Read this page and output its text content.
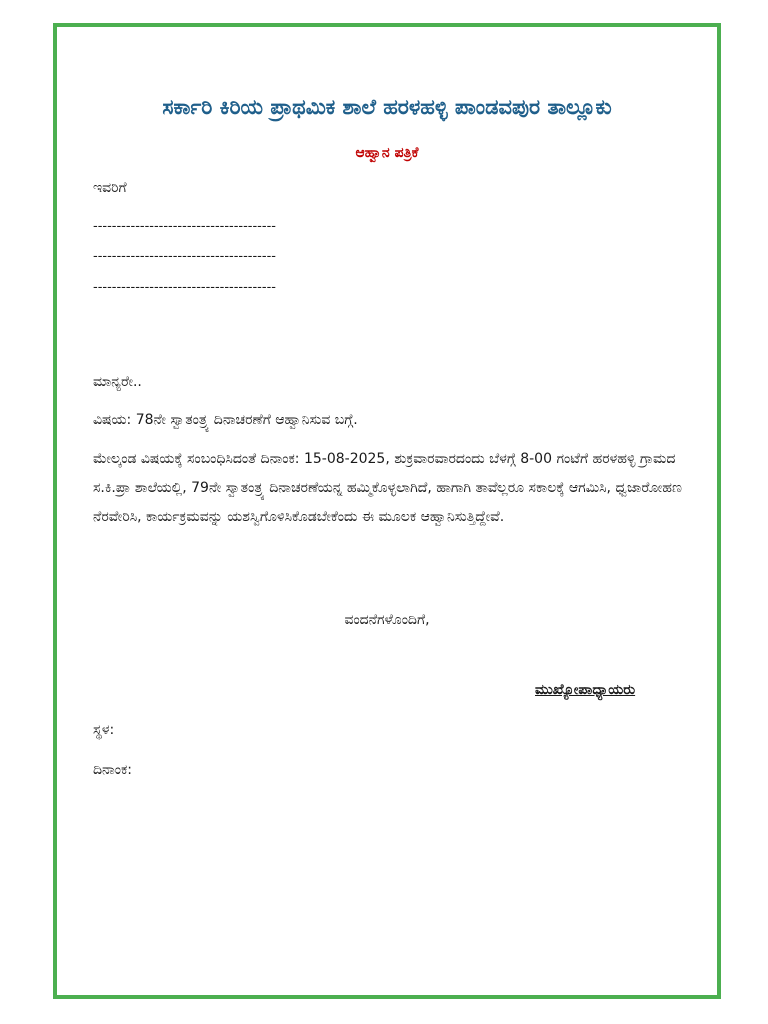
ಸರ್ಕಾರಿ ಕಿರಿಯ ಪ್ರಾಥಮಿಕ ಶಾಲೆ ಹರಳಹಳ್ಳಿ ಪಾಂಡವಪುರ ತಾಲ್ಲೂಕು
ಆಹ್ವಾನ ಪತ್ರಿಕೆ
ಇವರಿಗೆ
---------------------------------------
---------------------------------------
---------------------------------------
ಮಾನ್ಯರೇ..
ವಿಷಯ: 78ನೇ ಸ್ವಾತಂತ್ರ್ಯ ದಿನಾಚರಣೆಗೆ ಆಹ್ವಾನಿಸುವ ಬಗ್ಗೆ.
ಮೇಲ್ಕಂಡ ವಿಷಯಕ್ಕೆ ಸಂಬಂಧಿಸಿದಂತೆ ದಿನಾಂಕ: 15-08-2025, ಶುಕ್ರವಾರವಾರದಂದು ಬೆಳಗ್ಗೆ 8-00 ಗಂಟೆಗೆ ಹರಳಹಳ್ಳಿ ಗ್ರಾಮದ ಸ.ಕಿ.ಪ್ರಾ ಶಾಲೆಯಲ್ಲಿ, 79ನೇ ಸ್ವಾತಂತ್ರ್ಯ ದಿನಾಚರಣೆಯನ್ನ ಹಮ್ಮಿಕೊಳ್ಳಲಾಗಿದೆ, ಹಾಗಾಗಿ ತಾವೆಲ್ಲರೂ ಸಕಾಲಕ್ಕೆ ಆಗಮಿಸಿ, ಧ್ವಜಾರೋಹಣ ನೆರವೇರಿಸಿ, ಕಾರ್ಯಕ್ರಮವನ್ನು ಯಶಸ್ವಿಗೊಳಿಸಿಕೊಡಬೇಕೆಂದು ಈ ಮೂಲಕ ಆಹ್ವಾನಿಸುತ್ತಿದ್ದೇವೆ.
ವಂದನೆಗಳೊಂದಿಗೆ,
ಮುಖ್ಯೋಪಾಧ್ಯಾಯರು
ಸ್ಥಳ:
ದಿನಾಂಕ:
